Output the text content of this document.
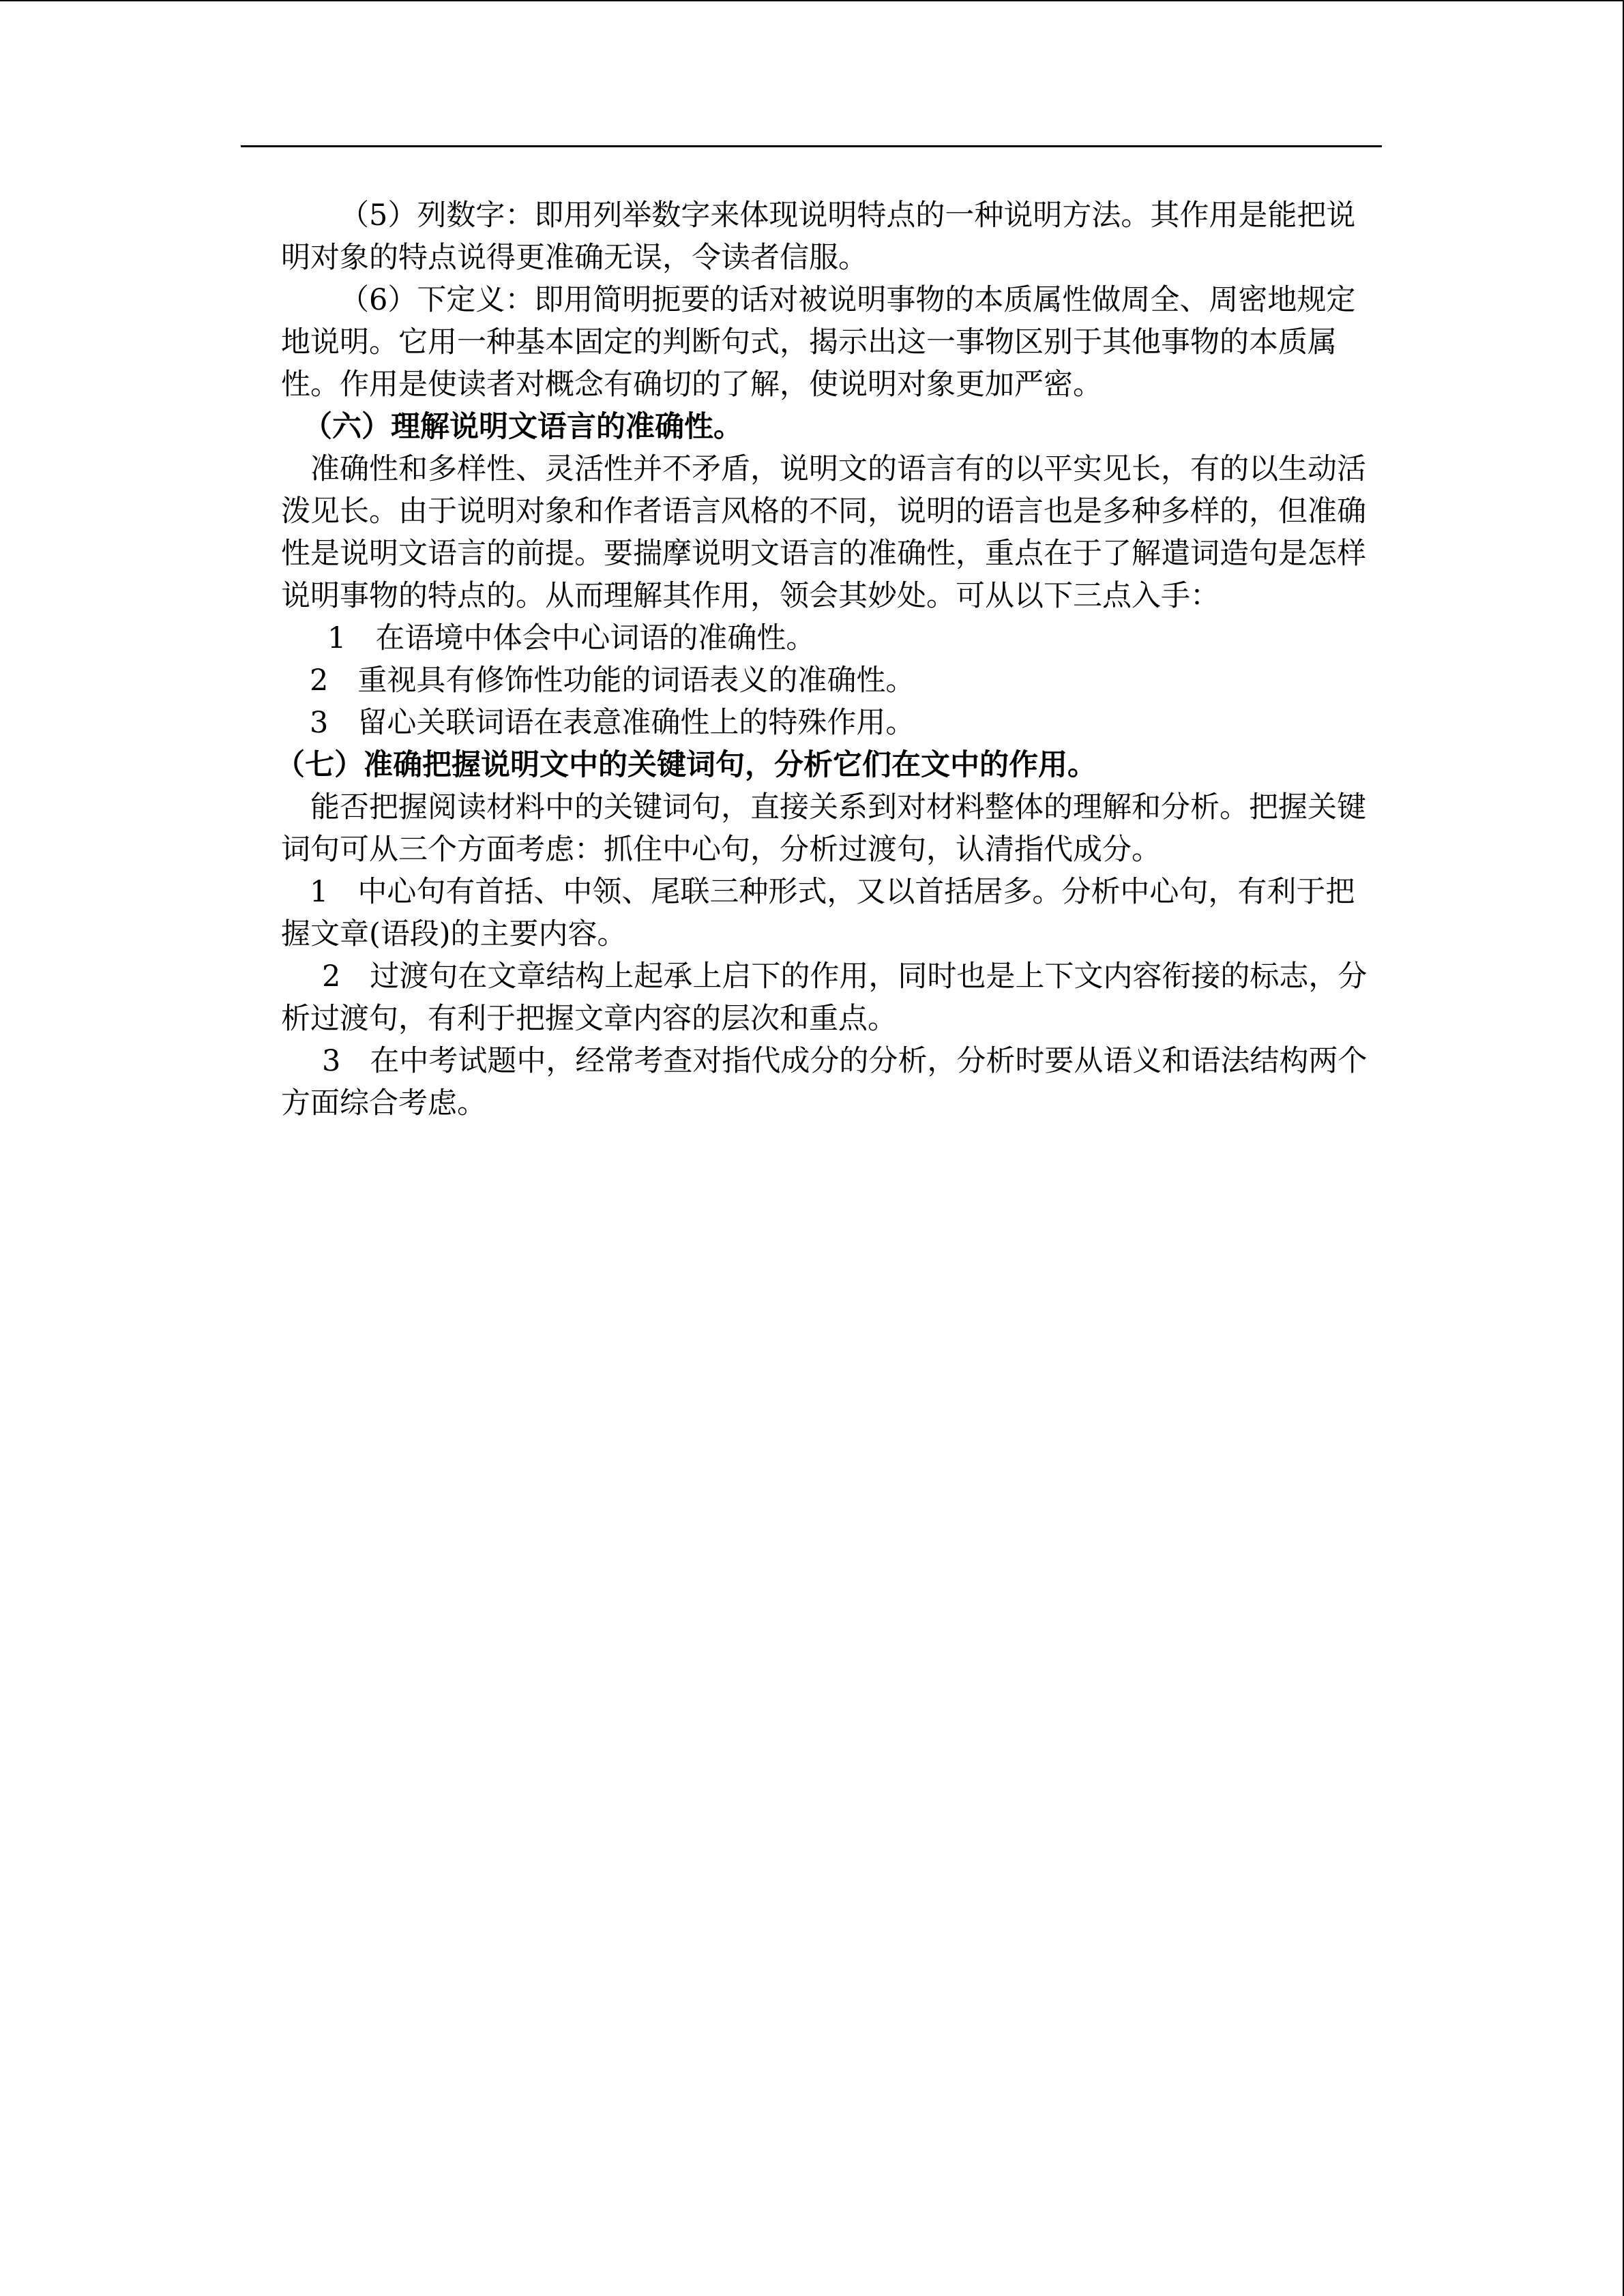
（5）列数字：即用列举数字来体现说明特点的一种说明方法。其作用是能把说明对象的特点说得更准确无误，令读者信服。

（6）下定义：即用简明扼要的话对被说明事物的本质属性做周全、周密地规定地说明。它用一种基本固定的判断句式，揭示出这一事物区别于其他事物的本质属性。作用是使读者对概念有确切的了解，使说明对象更加严密。

（六）理解说明文语言的准确性。

准确性和多样性、灵活性并不矛盾，说明文的语言有的以平实见长，有的以生动活泼见长。由于说明对象和作者语言风格的不同，说明的语言也是多种多样的，但准确性是说明文语言的前提。要揣摩说明文语言的准确性，重点在于了解遣词造句是怎样说明事物的特点的。从而理解其作用，领会其妙处。可从以下三点入手：

1　在语境中体会中心词语的准确性。

2　重视具有修饰性功能的词语表义的准确性。

3　留心关联词语在表意准确性上的特殊作用。

（七）准确把握说明文中的关键词句，分析它们在文中的作用。

能否把握阅读材料中的关键词句，直接关系到对材料整体的理解和分析。把握关键词句可从三个方面考虑：抓住中心句，分析过渡句，认清指代成分。

1　中心句有首括、中领、尾联三种形式，又以首括居多。分析中心句，有利于把握文章(语段)的主要内容。

2　过渡句在文章结构上起承上启下的作用，同时也是上下文内容衔接的标志，分析过渡句，有利于把握文章内容的层次和重点。

3　在中考试题中，经常考查对指代成分的分析，分析时要从语义和语法结构两个方面综合考虑。
